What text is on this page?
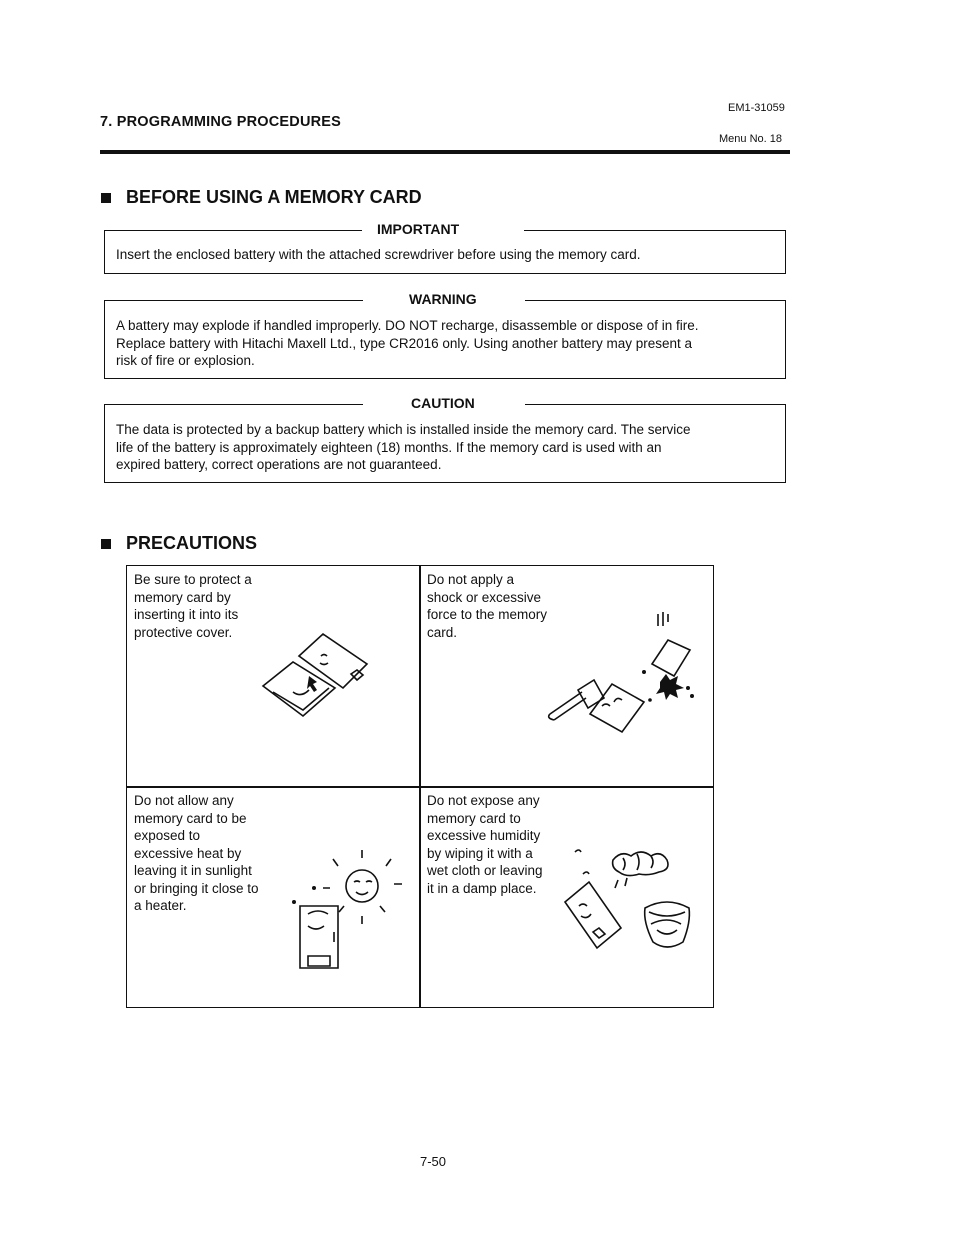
7. PROGRAMMING PROCEDURES
EM1-31059
Menu No. 18
BEFORE USING A MEMORY CARD
IMPORTANT
Insert the enclosed battery with the attached screwdriver before using the memory card.
WARNING
A battery may explode if handled improperly. DO NOT recharge, disassemble or dispose of in fire.
Replace battery with Hitachi Maxell Ltd., type CR2016 only. Using another battery may present a
risk of fire or explosion.
CAUTION
The data is protected by a backup battery which is installed inside the memory card. The service
life of the battery is approximately eighteen (18) months. If the memory card is used with an
expired battery, correct operations are not guaranteed.
PRECAUTIONS
Be sure to protect a
memory card by
inserting it into its
protective cover.
Do not apply a
shock or excessive
force to the memory
card.
Do not allow any
memory card to be
exposed to
excessive heat by
leaving it in sunlight
or bringing it close to
a heater.
Do not expose any
memory card to
excessive humidity
by wiping it with a
wet cloth or leaving
it in a damp place.
7-50
